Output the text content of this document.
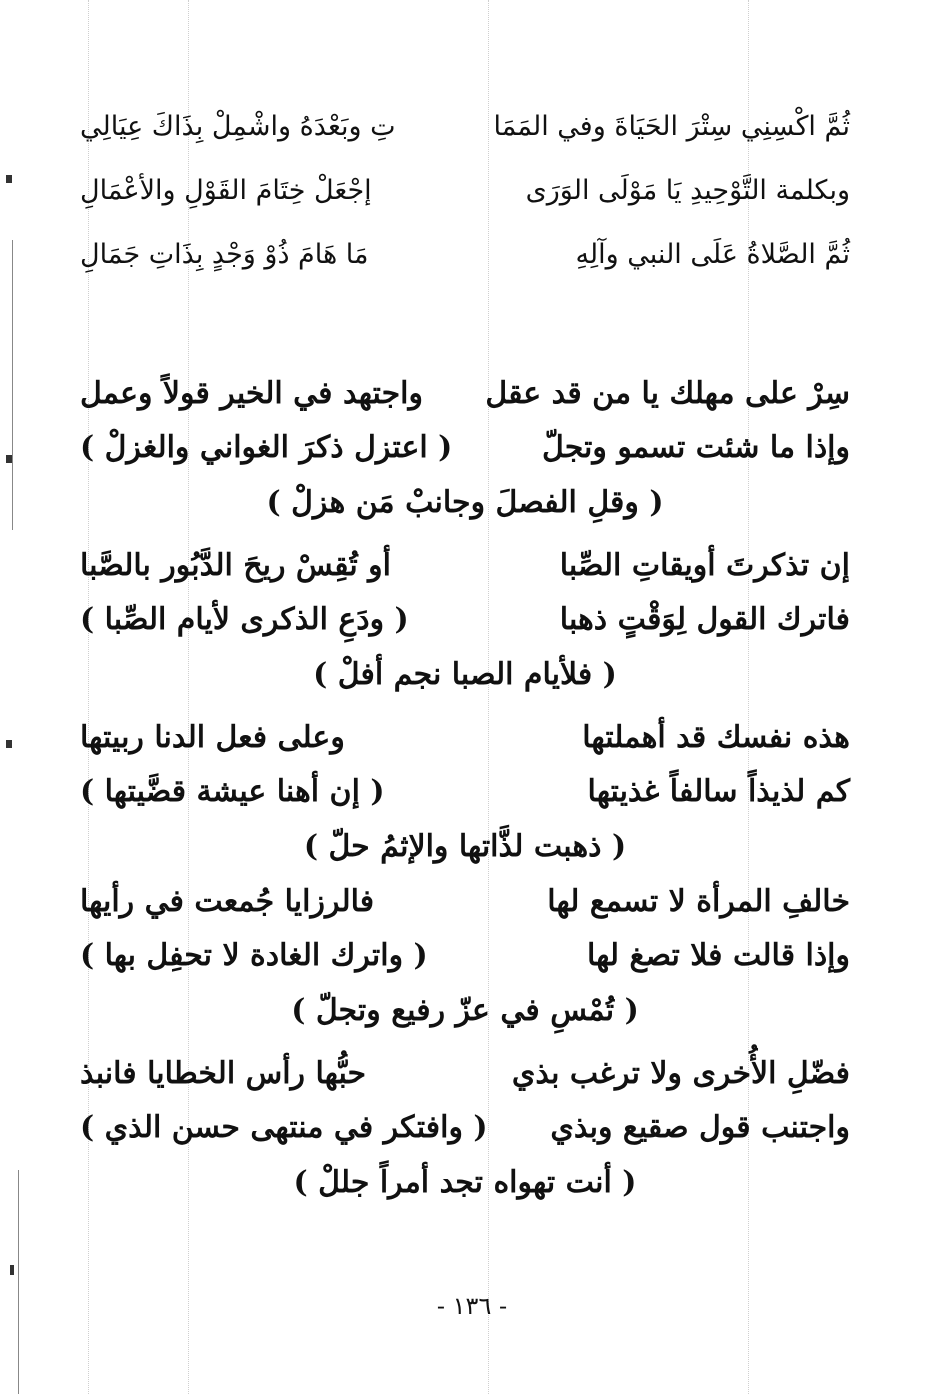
ثُمَّ اكْسِنِي سِتْرَ الحَيَاةَ وفي المَمَا
تِ وبَعْدَهُ واشْمِلْ بِذَاكَ عِيَالِي
وبكلمة التَّوْحِيدِ يَا مَوْلَى الوَرَى
إجْعَلْ خِتَامَ القَوْلِ والأعْمَالِ
ثُمَّ الصَّلاةُ عَلَى النبي وآلِهِ
مَا هَامَ ذُوْ وَجْدٍ بِذَاتِ جَمَالِ
سِرْ على مهلك يا من قد عقل
واجتهد في الخير قولاً وعمل
وإذا ما شئت تسمو وتجلّ
( اعتزل ذكرَ الغواني والغزلْ )
( وقلِ الفصلَ وجانبْ مَن هزلْ )
إن تذكرتَ أويقاتِ الصِّبا
أو تُقِسْ ريحَ الدَّبُور بالصَّبا
فاترك القول لِوَقْتٍ ذهبا
( ودَعِ الذكرى لأيام الصِّبا )
( فلأيام الصبا نجم أفلْ )
هذه نفسك قد أهملتها
وعلى فعل الدنا ربيتها
كم لذيذاً سالفاً غذيتها
( إن أهنا عيشة قضَّيتها )
( ذهبت لذَّاتها والإثمُ حلّ )
خالفِ المرأة لا تسمع لها
فالرزايا جُمعت في رأيها
وإذا قالت فلا تصغ لها
( واترك الغادة لا تحفِل بها )
( تُمْسِ في عزّ رفيع وتجلّ )
فضّلِ الأُخرى ولا ترغب بذي
حبُّها رأس الخطايا فانبذ
واجتنب قول صقيع وبذي
( وافتكر في منتهى حسن الذي )
( أنت تهواه تجد أمراً جللْ )
- ١٣٦ -
